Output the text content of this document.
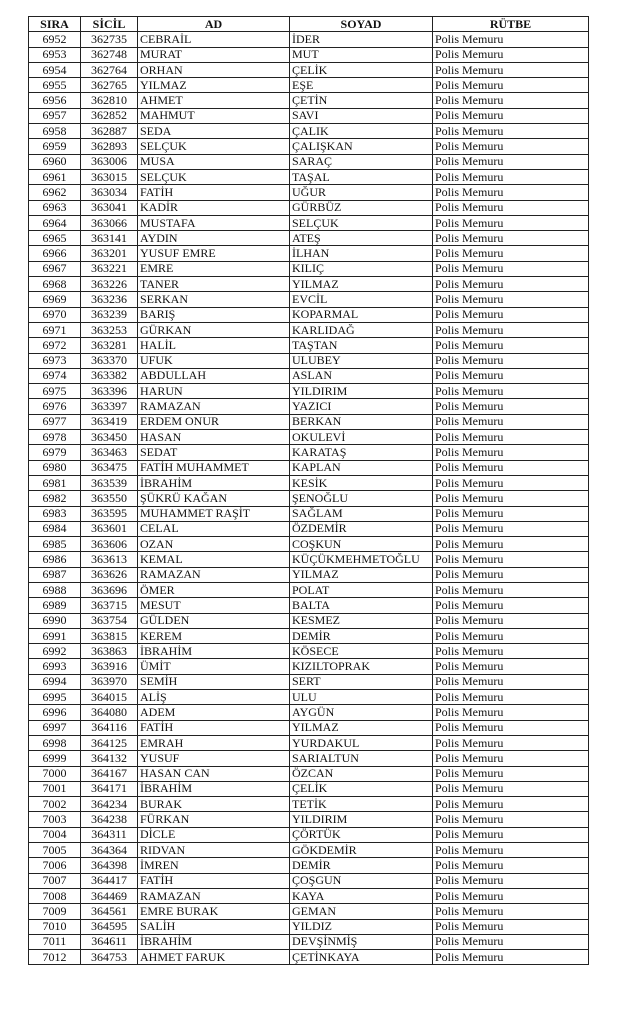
SIRA	SİCİL	AD	SOYAD	RÜTBE
6952	362735	CEBRAİL	İDER	Polis Memuru
6953	362748	MURAT	MUT	Polis Memuru
6954	362764	ORHAN	ÇELİK	Polis Memuru
6955	362765	YILMAZ	EŞE	Polis Memuru
6956	362810	AHMET	ÇETİN	Polis Memuru
6957	362852	MAHMUT	SAVI	Polis Memuru
6958	362887	SEDA	ÇALIK	Polis Memuru
6959	362893	SELÇUK	ÇALIŞKAN	Polis Memuru
6960	363006	MUSA	SARAÇ	Polis Memuru
6961	363015	SELÇUK	TAŞAL	Polis Memuru
6962	363034	FATİH	UĞUR	Polis Memuru
6963	363041	KADİR	GÜRBÜZ	Polis Memuru
6964	363066	MUSTAFA	SELÇUK	Polis Memuru
6965	363141	AYDIN	ATEŞ	Polis Memuru
6966	363201	YUSUF EMRE	İLHAN	Polis Memuru
6967	363221	EMRE	KILIÇ	Polis Memuru
6968	363226	TANER	YILMAZ	Polis Memuru
6969	363236	SERKAN	EVCİL	Polis Memuru
6970	363239	BARIŞ	KOPARMAL	Polis Memuru
6971	363253	GÜRKAN	KARLIDAĞ	Polis Memuru
6972	363281	HALİL	TAŞTAN	Polis Memuru
6973	363370	UFUK	ULUBEY	Polis Memuru
6974	363382	ABDULLAH	ASLAN	Polis Memuru
6975	363396	HARUN	YILDIRIM	Polis Memuru
6976	363397	RAMAZAN	YAZICI	Polis Memuru
6977	363419	ERDEM ONUR	BERKAN	Polis Memuru
6978	363450	HASAN	OKULEVİ	Polis Memuru
6979	363463	SEDAT	KARATAŞ	Polis Memuru
6980	363475	FATİH MUHAMMET	KAPLAN	Polis Memuru
6981	363539	İBRAHİM	KESİK	Polis Memuru
6982	363550	ŞÜKRÜ KAĞAN	ŞENOĞLU	Polis Memuru
6983	363595	MUHAMMET RAŞİT	SAĞLAM	Polis Memuru
6984	363601	CELAL	ÖZDEMİR	Polis Memuru
6985	363606	OZAN	COŞKUN	Polis Memuru
6986	363613	KEMAL	KÜÇÜKMEHMETOĞLU	Polis Memuru
6987	363626	RAMAZAN	YILMAZ	Polis Memuru
6988	363696	ÖMER	POLAT	Polis Memuru
6989	363715	MESUT	BALTA	Polis Memuru
6990	363754	GÜLDEN	KESMEZ	Polis Memuru
6991	363815	KEREM	DEMİR	Polis Memuru
6992	363863	İBRAHİM	KÖSECE	Polis Memuru
6993	363916	ÜMİT	KIZILTOPRAK	Polis Memuru
6994	363970	SEMİH	SERT	Polis Memuru
6995	364015	ALİŞ	ULU	Polis Memuru
6996	364080	ADEM	AYGÜN	Polis Memuru
6997	364116	FATİH	YILMAZ	Polis Memuru
6998	364125	EMRAH	YURDAKUL	Polis Memuru
6999	364132	YUSUF	SARIALTUN	Polis Memuru
7000	364167	HASAN CAN	ÖZCAN	Polis Memuru
7001	364171	İBRAHİM	ÇELİK	Polis Memuru
7002	364234	BURAK	TETİK	Polis Memuru
7003	364238	FÜRKAN	YILDIRIM	Polis Memuru
7004	364311	DİCLE	ÇÖRTÜK	Polis Memuru
7005	364364	RIDVAN	GÖKDEMİR	Polis Memuru
7006	364398	İMREN	DEMİR	Polis Memuru
7007	364417	FATİH	ÇOŞGUN	Polis Memuru
7008	364469	RAMAZAN	KAYA	Polis Memuru
7009	364561	EMRE BURAK	GEMAN	Polis Memuru
7010	364595	SALİH	YILDIZ	Polis Memuru
7011	364611	İBRAHİM	DEVŞİNMİŞ	Polis Memuru
7012	364753	AHMET FARUK	ÇETİNKAYA	Polis Memuru
